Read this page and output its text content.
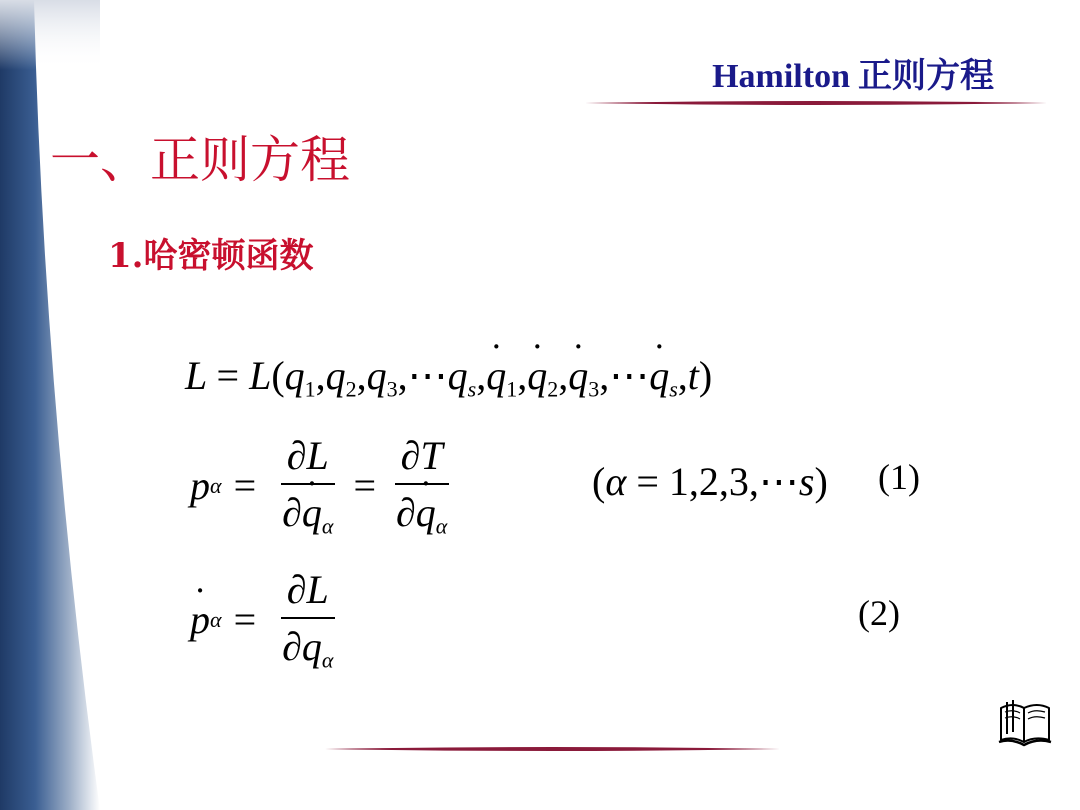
Hamilton 正则方程
一、正则方程
1.哈密顿函数
$L = L(q_1,q_2,q_3,\cdots q_s,q$ $˙_1,q$ $˙_2,q$ $˙_3,\cdots q$ $˙_s,t$)
p $\alpha = \frac{\partial L}{\partial q ˙_\alpha} = \frac{\partial T}{\partial q ˙_\alpha}$	( α = 1,2,3,⋯ s ) (1)
p ˙ $\alpha = \frac{\partial L}{\partial q_\alpha}$	(2)
